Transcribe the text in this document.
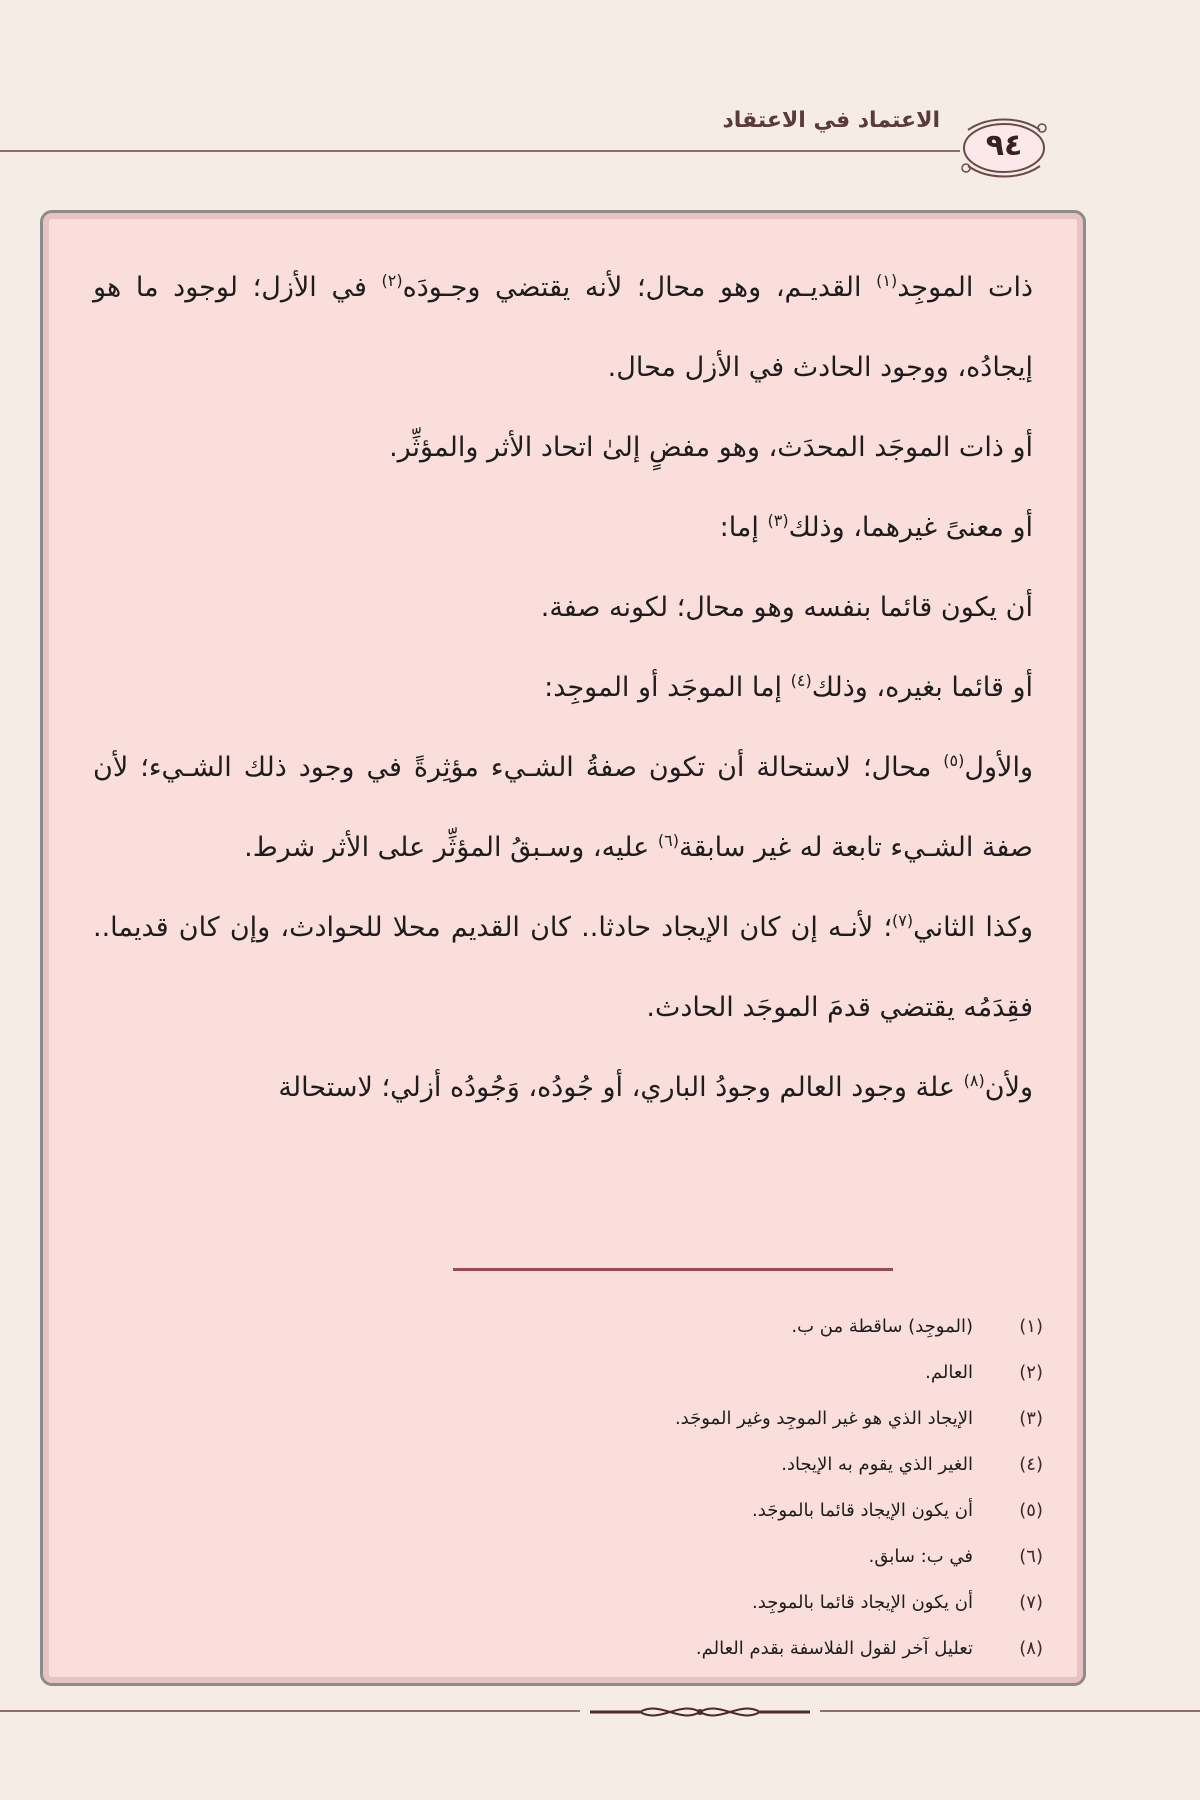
الاعتماد في الاعتقاد
٩٤

ذات الموجِد$^{(١)}$ القديـم، وهو محال؛ لأنه يقتضي وجـودَه$^{(٢)}$ في الأزل؛ لوجود ما هو إيجادُه، ووجود الحادث في الأزل محال.

أو ذات الموجَد المحدَث، وهو مفضٍ إلىٰ اتحاد الأثر والمؤثِّر.

أو معنىً غيرهما، وذلك$^{(٣)}$ إما:

أن يكون قائما بنفسه وهو محال؛ لكونه صفة.

أو قائما بغيره، وذلك$^{(٤)}$ إما الموجَد أو الموجِد:

والأول$^{(٥)}$ محال؛ لاستحالة أن تكون صفةُ الشـيء مؤثِرةً في وجود ذلك الشـيء؛ لأن صفة الشـيء تابعة له غير سابقة$^{(٦)}$ عليه، وسـبقُ المؤثِّر على الأثر شرط.

وكذا الثاني$^{(٧)}$؛ لأنـه إن كان الإيجاد حادثا.. كان القديم محلا للحوادث، وإن كان قديما.. فقِدَمُه يقتضي قدمَ الموجَد الحادث.

ولأن$^{(٨)}$ علة وجود العالم وجودُ الباري، أو جُودُه، وَجُودُه أزلي؛ لاستحالة

(١)
(الموجِد) ساقطة من ب.
(٢)
العالم.
(٣)
الإيجاد الذي هو غير الموجِد وغير الموجَد.
(٤)
الغير الذي يقوم به الإيجاد.
(٥)
أن يكون الإيجاد قائما بالموجَد.
(٦)
في ب: سابق.
(٧)
أن يكون الإيجاد قائما بالموجِد.
(٨)
تعليل آخر لقول الفلاسفة بقدم العالم.
